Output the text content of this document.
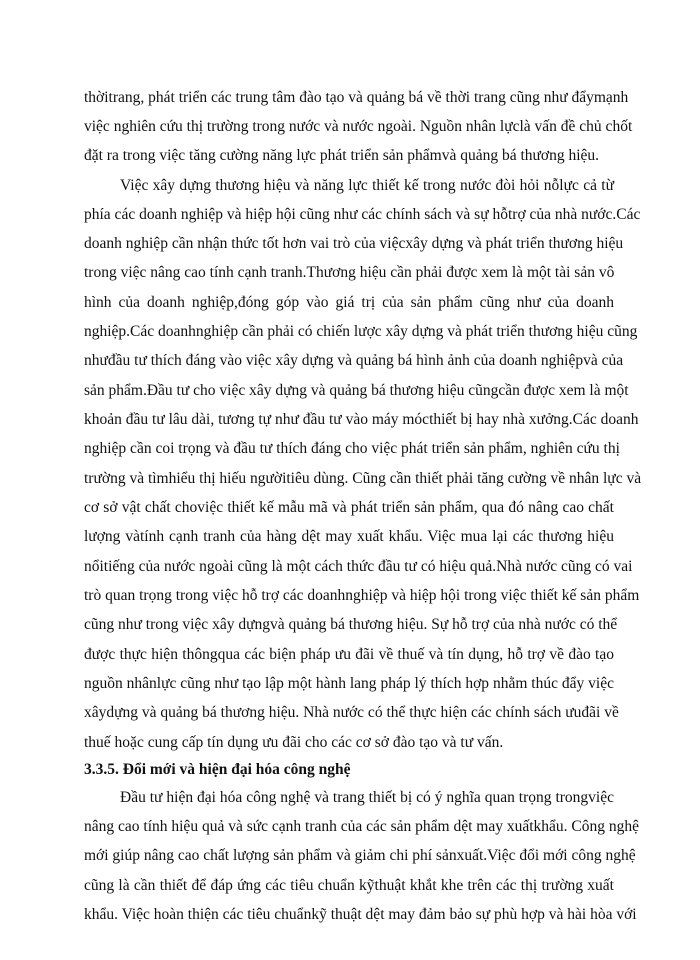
thờitrang, phát triển các trung tâm đào tạo và quảng bá về thời trang cũng như đẩymạnh
việc nghiên cứu thị trường trong nước và nước ngoài. Nguồn nhân lựclà vấn đề chủ chốt
đặt ra trong việc tăng cường năng lực phát triển sản phẩmvà quảng bá thương hiệu.
Việc xây dựng thương hiệu và năng lực thiết kế trong nước đòi hỏi nỗlực cả từ
phía các doanh nghiệp và hiệp hội cũng như các chính sách và sự hỗtrợ của nhà nước.Các
doanh nghiệp cần nhận thức tốt hơn vai trò của việcxây dựng và phát triển thương hiệu
trong việc nâng cao tính cạnh tranh.Thương hiệu cần phải được xem là một tài sản vô
hình của doanh nghiệp,đóng góp vào giá trị của sản phẩm cũng như của doanh
nghiệp.Các doanhnghiệp cần phải có chiến lược xây dựng và phát triển thương hiệu cũng
nhưđầu tư thích đáng vào việc xây dựng và quảng bá hình ảnh của doanh nghiệpvà của
sản phẩm.Đầu tư cho việc xây dựng và quảng bá thương hiệu cũngcần được xem là một
khoản đầu tư lâu dài, tương tự như đầu tư vào máy mócthiết bị hay nhà xưởng.Các doanh
nghiệp cần coi trọng và đầu tư thích đáng cho việc phát triển sản phẩm, nghiên cứu thị
trường và tìmhiểu thị hiếu ngườitiêu dùng. Cũng cần thiết phải tăng cường về nhân lực và
cơ sở vật chất choviệc thiết kế mẫu mã và phát triển sản phẩm, qua đó nâng cao chất
lượng vàtính cạnh tranh của hàng dệt may xuất khẩu. Việc mua lại các thương hiệu
nổitiếng của nước ngoài cũng là một cách thức đầu tư có hiệu quả.Nhà nước cũng có vai
trò quan trọng trong việc hỗ trợ các doanhnghiệp và hiệp hội trong việc thiết kế sản phẩm
cũng như trong việc xây dựngvà quảng bá thương hiệu. Sự hỗ trợ của nhà nước có thể
được thực hiện thôngqua các biện pháp ưu đãi về thuế và tín dụng, hỗ trợ về đào tạo
nguồn nhânlực cũng như tạo lập một hành lang pháp lý thích hợp nhằm thúc đẩy việc
xâydựng và quảng bá thương hiệu. Nhà nước có thể thực hiện các chính sách ưuđãi về
thuế hoặc cung cấp tín dụng ưu đãi cho các cơ sở đào tạo và tư vấn.
3.3.5. Đổi mới và hiện đại hóa công nghệ
Đầu tư hiện đại hóa công nghệ và trang thiết bị có ý nghĩa quan trọng trongviệc
nâng cao tính hiệu quả và sức cạnh tranh của các sản phẩm dệt may xuấtkhẩu. Công nghệ
mới giúp nâng cao chất lượng sản phẩm và giảm chi phí sảnxuất.Việc đổi mới công nghệ
cũng là cần thiết để đáp ứng các tiêu chuẩn kỹthuật khắt khe trên các thị trường xuất
khẩu. Việc hoàn thiện các tiêu chuẩnkỹ thuật dệt may đảm bảo sự phù hợp và hài hòa với
